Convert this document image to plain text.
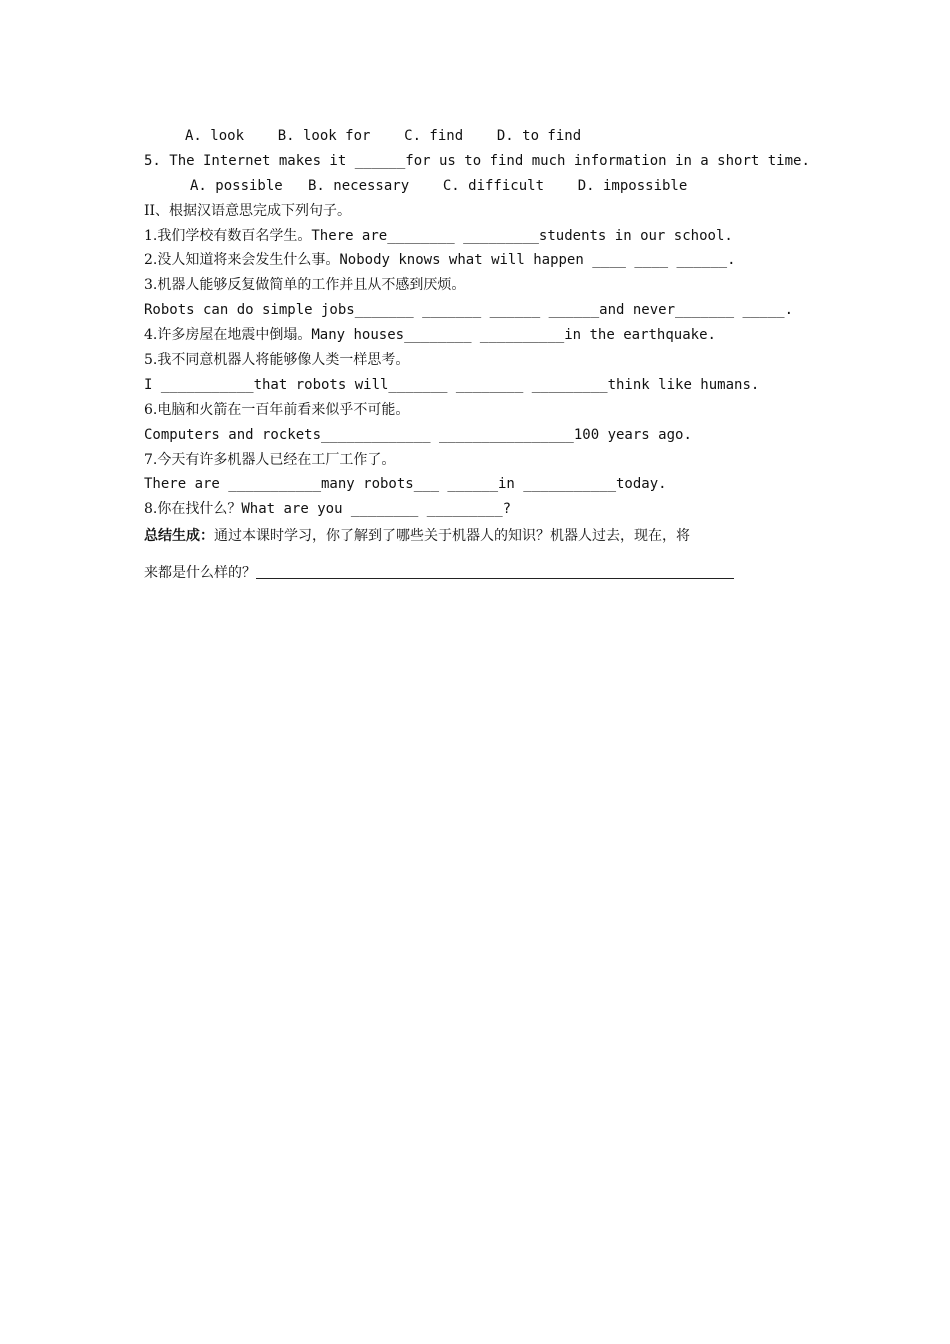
A. look    B. look for    C. find    D. to find
5. The Internet makes it ______for us to find much information in a short time.
A. possible   B. necessary    C. difficult    D. impossible
II、根据汉语意思完成下列句子。
1.我们学校有数百名学生。There are________ _________students in our school.
2.没人知道将来会发生什么事。Nobody knows what will happen ____ ____ ______.
3.机器人能够反复做简单的工作并且从不感到厌烦。
Robots can do simple jobs_______ _______ ______ ______and never_______ _____.
4.许多房屋在地震中倒塌。Many houses________ __________in the earthquake.
5.我不同意机器人将能够像人类一样思考。
I ___________that robots will_______ ________ _________think like humans.
6.电脑和火箭在一百年前看来似乎不可能。
Computers and rockets_____________ ________________100 years ago.
7.今天有许多机器人已经在工厂工作了。
There are ___________many robots___ ______in ___________today.
8.你在找什么？What are you ________ _________?
总结生成：通过本课时学习，你了解到了哪些关于机器人的知识？机器人过去，现在，将
来都是什么样的？
